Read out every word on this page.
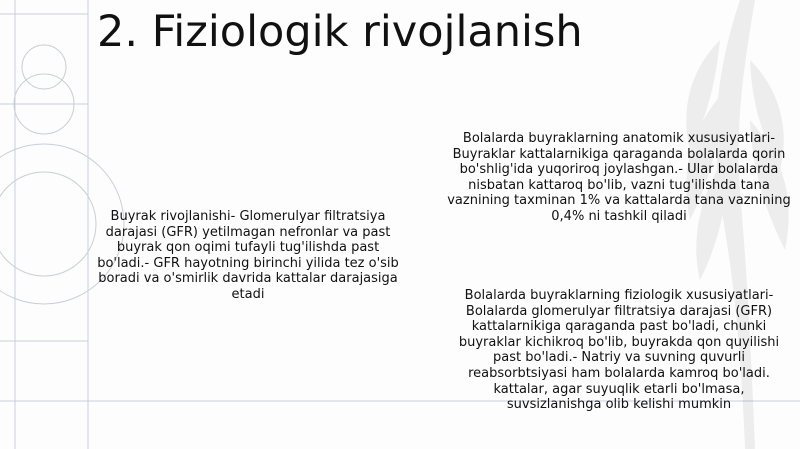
2. Fiziologik rivojlanish
Buyrak rivojlanishi- Glomerulyar filtratsiya darajasi (GFR) yetilmagan nefronlar va past buyrak qon oqimi tufayli tug'ilishda past bo'ladi.- GFR hayotning birinchi yilida tez o'sib boradi va o'smirlik davrida kattalar darajasiga etadi
Bolalarda buyraklarning anatomik xususiyatlari- Buyraklar kattalarnikiga qaraganda bolalarda qorin bo'shlig'ida yuqoriroq joylashgan.- Ular bolalarda nisbatan kattaroq bo'lib, vazni tug'ilishda tana vaznining taxminan 1% va kattalarda tana vaznining 0,4% ni tashkil qiladi
Bolalarda buyraklarning fiziologik xususiyatlari- Bolalarda glomerulyar filtratsiya darajasi (GFR) kattalarnikiga qaraganda past bo'ladi, chunki buyraklar kichikroq bo'lib, buyrakda qon quyilishi past bo'ladi.- Natriy va suvning quvurli reabsorbtsiyasi ham bolalarda kamroq bo'ladi. kattalar, agar suyuqlik etarli bo'lmasa, suvsizlanishga olib kelishi mumkin
